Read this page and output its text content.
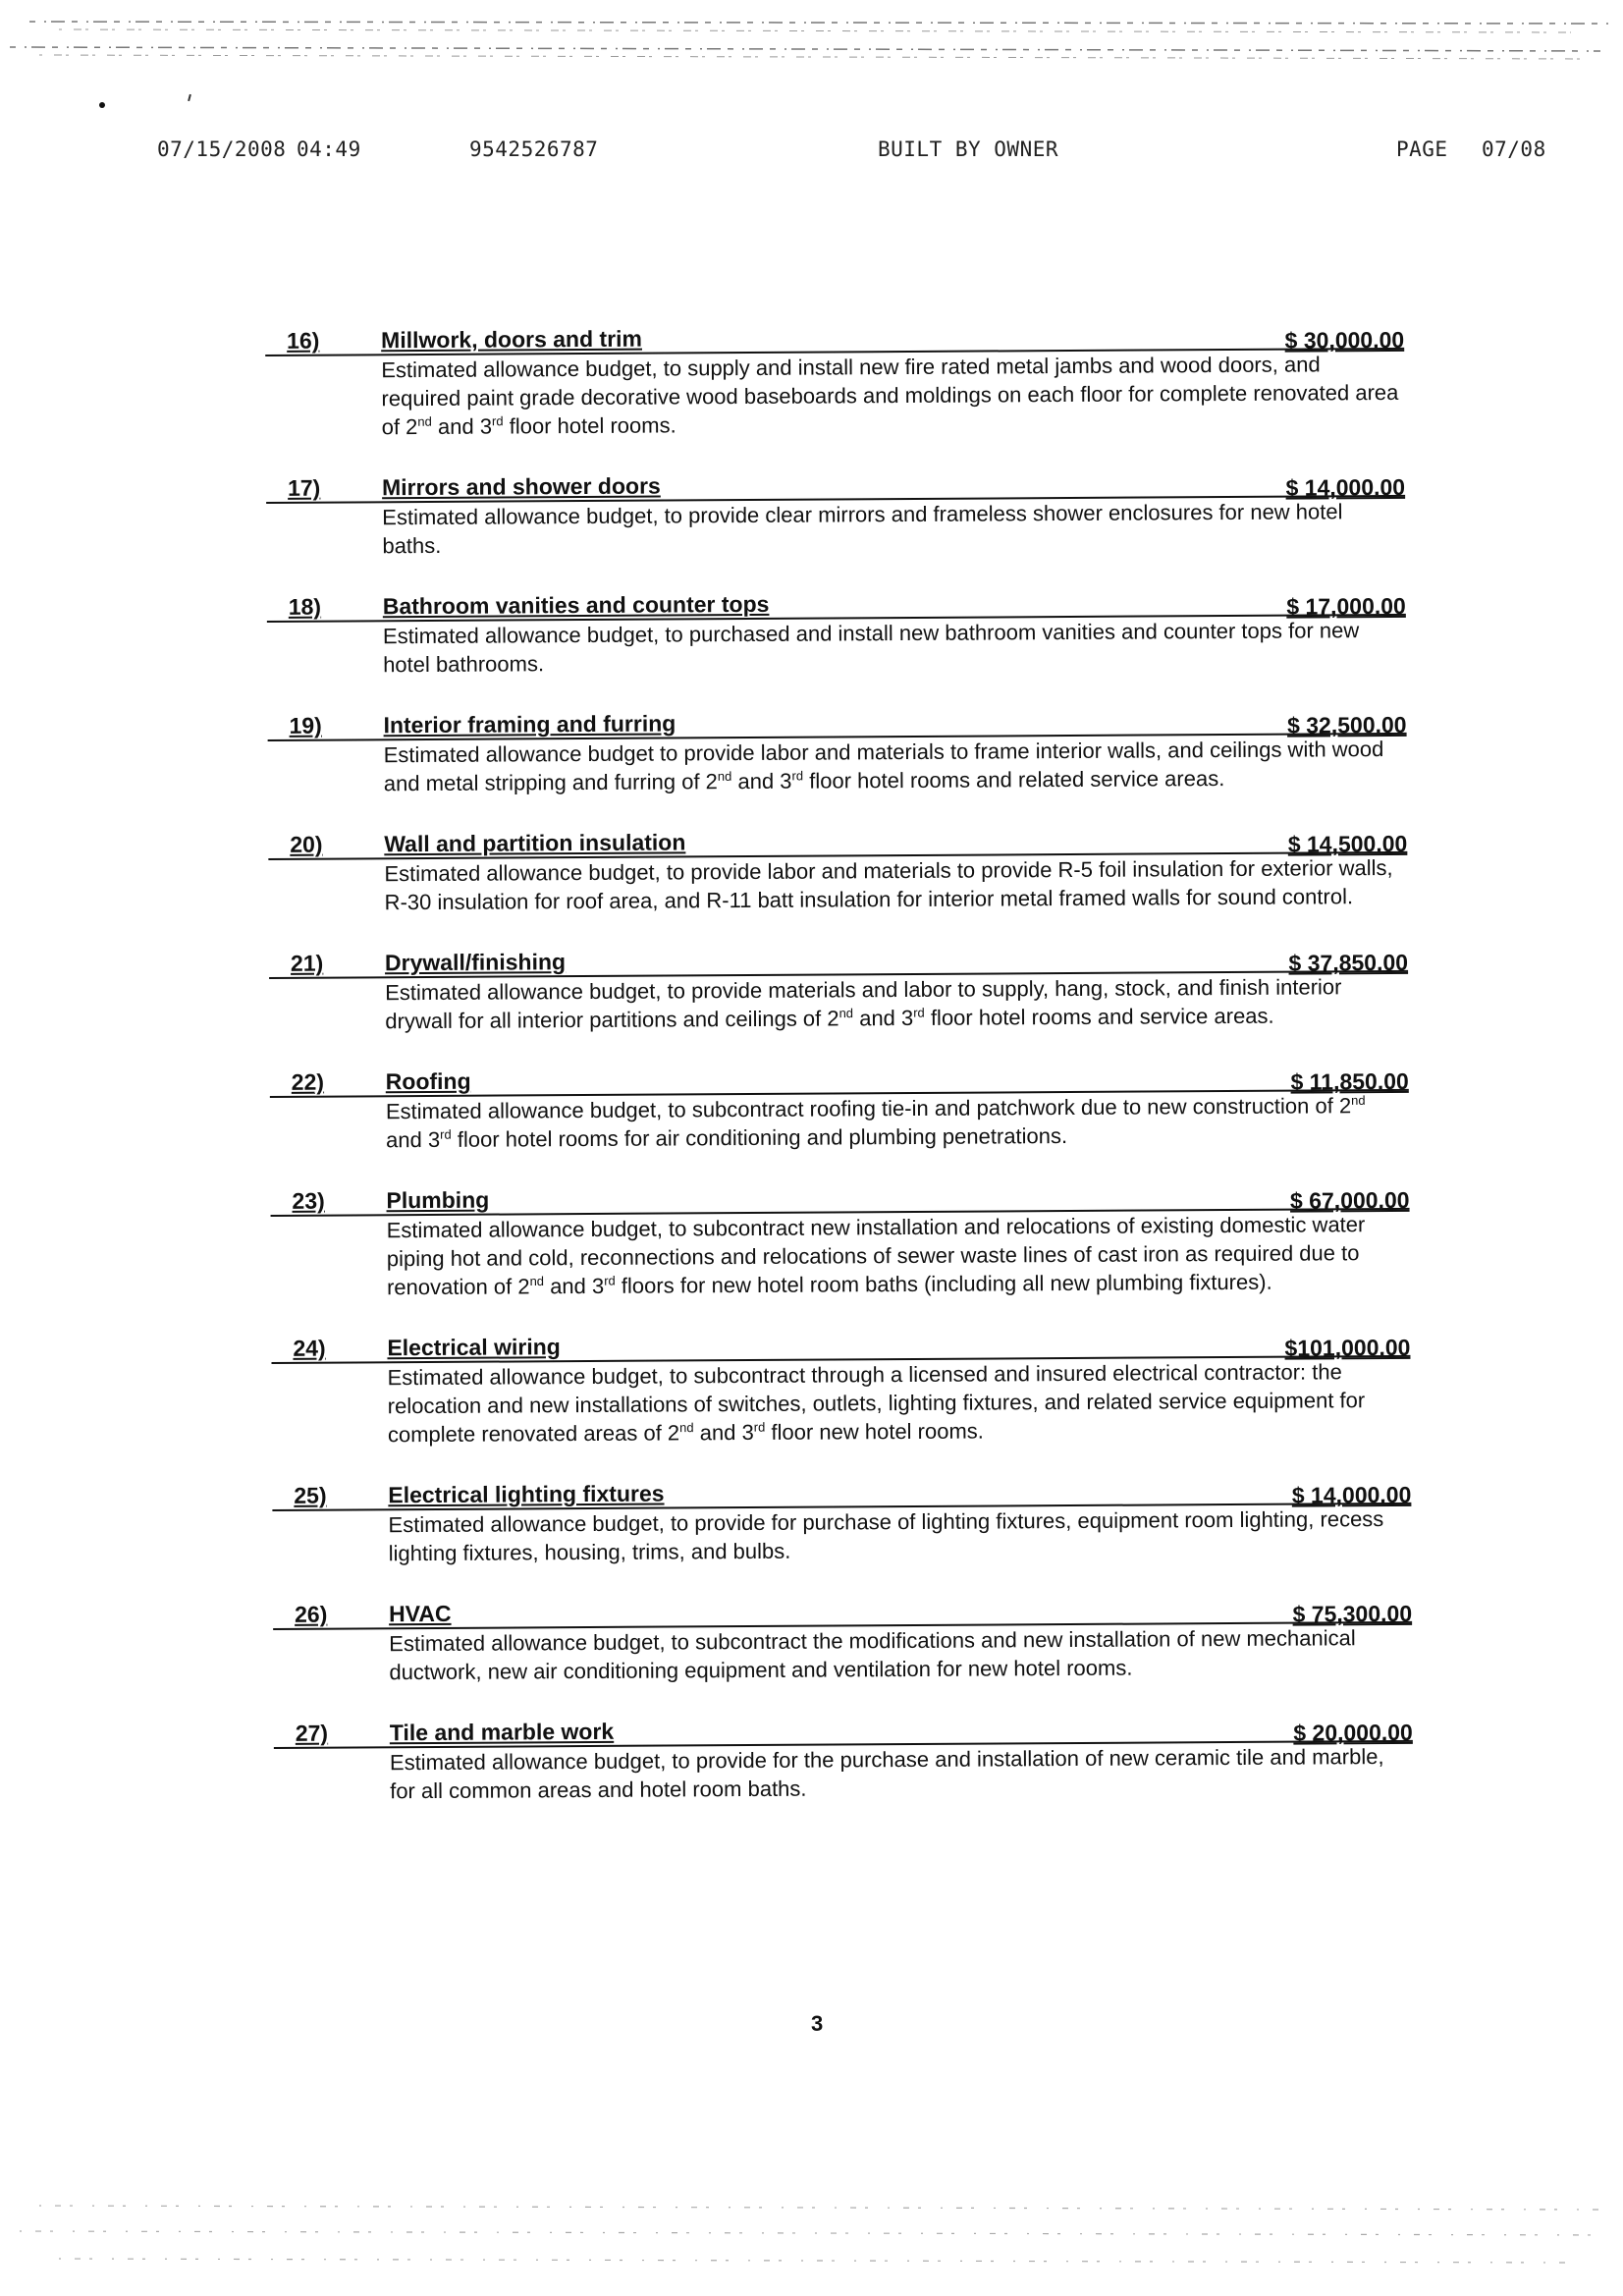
07/15/2008 04:49	9542526787	BUILT BY OWNER	PAGE 07/08
16)	Millwork, doors and trim	$ 30,000.00

Estimated allowance budget, to supply and install new fire rated metal jambs and wood doors, and required paint grade decorative wood baseboards and moldings on each floor for complete renovated area of 2nd and 3rd floor hotel rooms.

17)	Mirrors and shower doors	$ 14,000.00

Estimated allowance budget, to provide clear mirrors and frameless shower enclosures for new hotel baths.

18)	Bathroom vanities and counter tops	$ 17,000.00

Estimated allowance budget, to purchased and install new bathroom vanities and counter tops for new hotel bathrooms.

19)	Interior framing and furring	$ 32,500.00

Estimated allowance budget to provide labor and materials to frame interior walls, and ceilings with wood and metal stripping and furring of 2nd and 3rd floor hotel rooms and related service areas.

20)	Wall and partition insulation	$ 14,500.00

Estimated allowance budget, to provide labor and materials to provide R-5 foil insulation for exterior walls, R-30 insulation for roof area, and R-11 batt insulation for interior metal framed walls for sound control.

21)	Drywall/finishing	$ 37,850.00

Estimated allowance budget, to provide materials and labor to supply, hang, stock, and finish interior drywall for all interior partitions and ceilings of 2nd and 3rd floor hotel rooms and service areas.

22)	Roofing	$ 11,850.00

Estimated allowance budget, to subcontract roofing tie-in and patchwork due to new construction of 2nd and 3rd floor hotel rooms for air conditioning and plumbing penetrations.

23)	Plumbing	$ 67,000.00

Estimated allowance budget, to subcontract new installation and relocations of existing domestic water piping hot and cold, reconnections and relocations of sewer waste lines of cast iron as required due to renovation of 2nd and 3rd floors for new hotel room baths (including all new plumbing fixtures).

24)	Electrical wiring	$101,000.00

Estimated allowance budget, to subcontract through a licensed and insured electrical contractor: the relocation and new installations of switches, outlets, lighting fixtures, and related service equipment for complete renovated areas of 2nd and 3rd floor new hotel rooms.

25)	Electrical lighting fixtures	$ 14,000.00

Estimated allowance budget, to provide for purchase of lighting fixtures, equipment room lighting, recess lighting fixtures, housing, trims, and bulbs.

26)	HVAC	$ 75,300.00

Estimated allowance budget, to subcontract the modifications and new installation of new mechanical ductwork, new air conditioning equipment and ventilation for new hotel rooms.

27)	Tile and marble work	$ 20,000.00

Estimated allowance budget, to provide for the purchase and installation of new ceramic tile and marble, for all common areas and hotel room baths.

3
